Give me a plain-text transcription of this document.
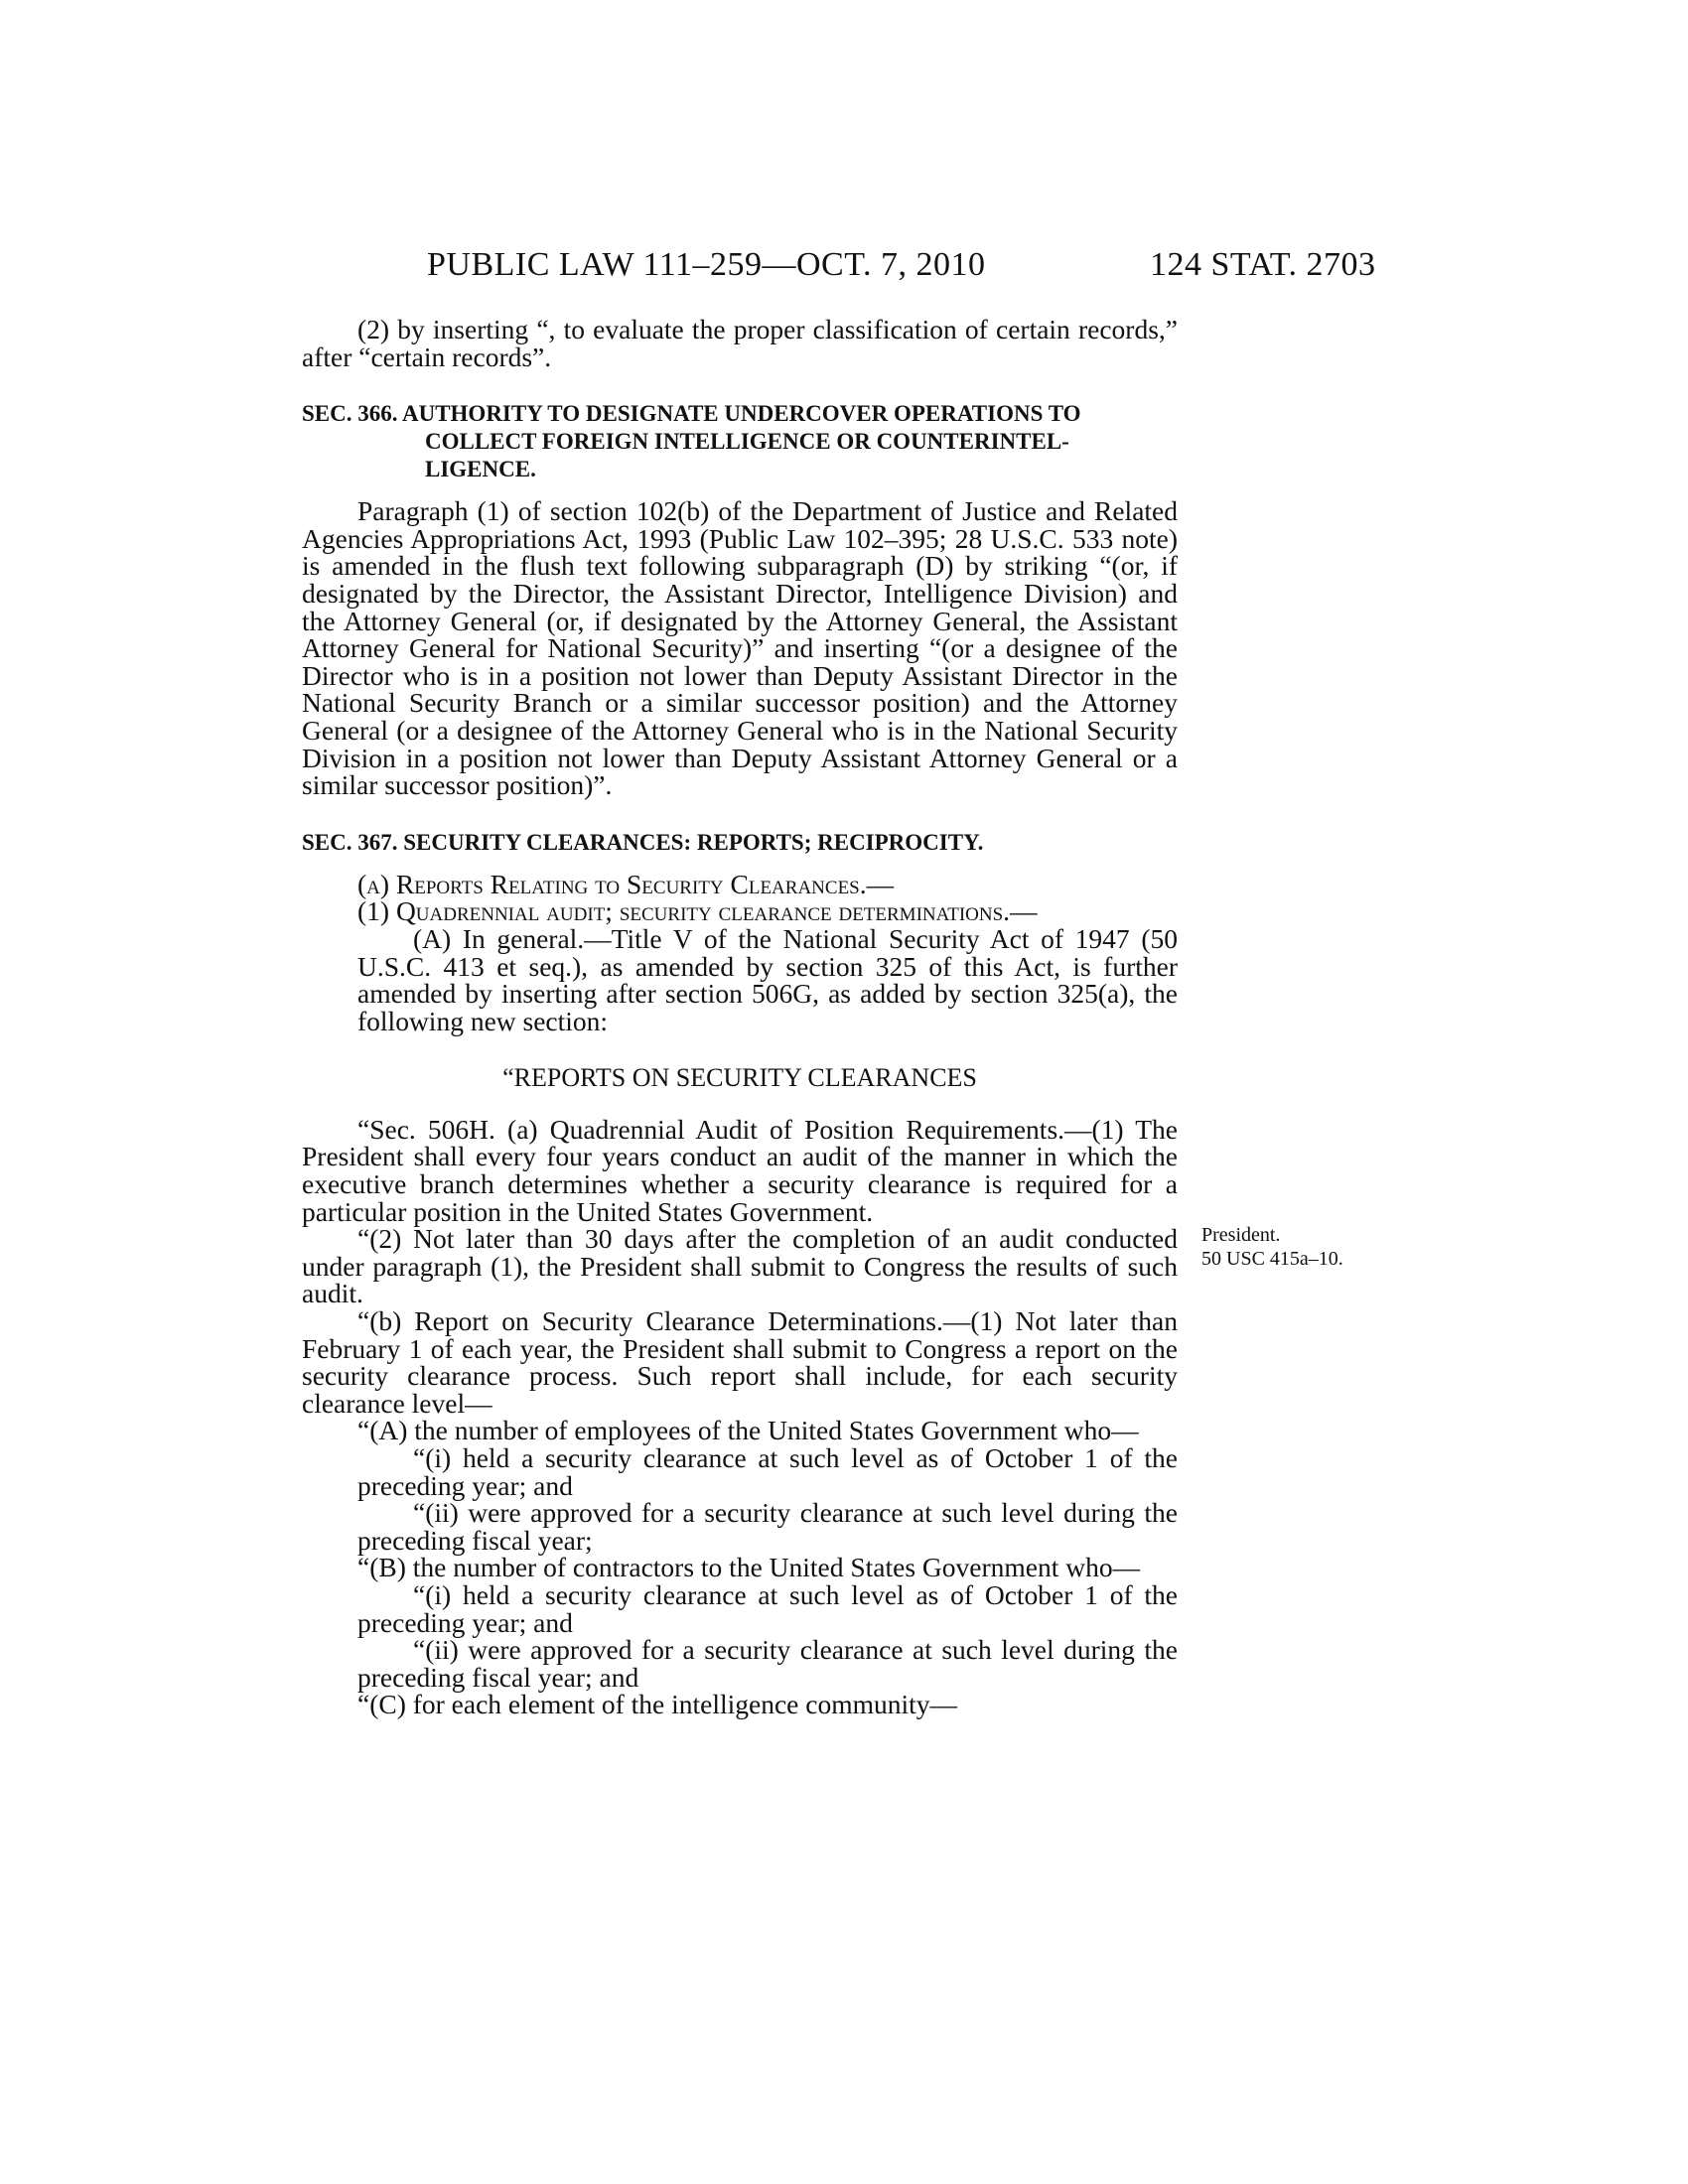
PUBLIC LAW 111–259—OCT. 7, 2010	124 STAT. 2703
President.
50 USC 415a–10.

(2) by inserting “, to evaluate the proper classification of certain records,” after “certain records”.

SEC. 366. AUTHORITY TO DESIGNATE UNDERCOVER OPERATIONS TO
COLLECT FOREIGN INTELLIGENCE OR COUNTERINTEL-
LIGENCE.

Paragraph (1) of section 102(b) of the Department of Justice and Related Agencies Appropriations Act, 1993 (Public Law 102–395; 28 U.S.C. 533 note) is amended in the flush text following subparagraph (D) by striking “(or, if designated by the Director, the Assistant Director, Intelligence Division) and the Attorney General (or, if designated by the Attorney General, the Assistant Attorney General for National Security)” and inserting “(or a designee of the Director who is in a position not lower than Deputy Assistant Director in the National Security Branch or a similar successor position) and the Attorney General (or a designee of the Attorney General who is in the National Security Division in a position not lower than Deputy Assistant Attorney General or a similar successor position)”.

SEC. 367. SECURITY CLEARANCES: REPORTS; RECIPROCITY.

(a) Reports Relating to Security Clearances.—

(1) Quadrennial audit; security clearance determinations.—

(A) In general.—Title V of the National Security Act of 1947 (50 U.S.C. 413 et seq.), as amended by section 325 of this Act, is further amended by inserting after section 506G, as added by section 325(a), the following new section:

“REPORTS ON SECURITY CLEARANCES

“Sec. 506H. (a) Quadrennial Audit of Position Requirements.—(1) The President shall every four years conduct an audit of the manner in which the executive branch determines whether a security clearance is required for a particular position in the United States Government.

“(2) Not later than 30 days after the completion of an audit conducted under paragraph (1), the President shall submit to Congress the results of such audit.

“(b) Report on Security Clearance Determinations.—(1) Not later than February 1 of each year, the President shall submit to Congress a report on the security clearance process. Such report shall include, for each security clearance level—

“(A) the number of employees of the United States Government who—

“(i) held a security clearance at such level as of October 1 of the preceding year; and

“(ii) were approved for a security clearance at such level during the preceding fiscal year;

“(B) the number of contractors to the United States Government who—

“(i) held a security clearance at such level as of October 1 of the preceding year; and

“(ii) were approved for a security clearance at such level during the preceding fiscal year; and

“(C) for each element of the intelligence community—
